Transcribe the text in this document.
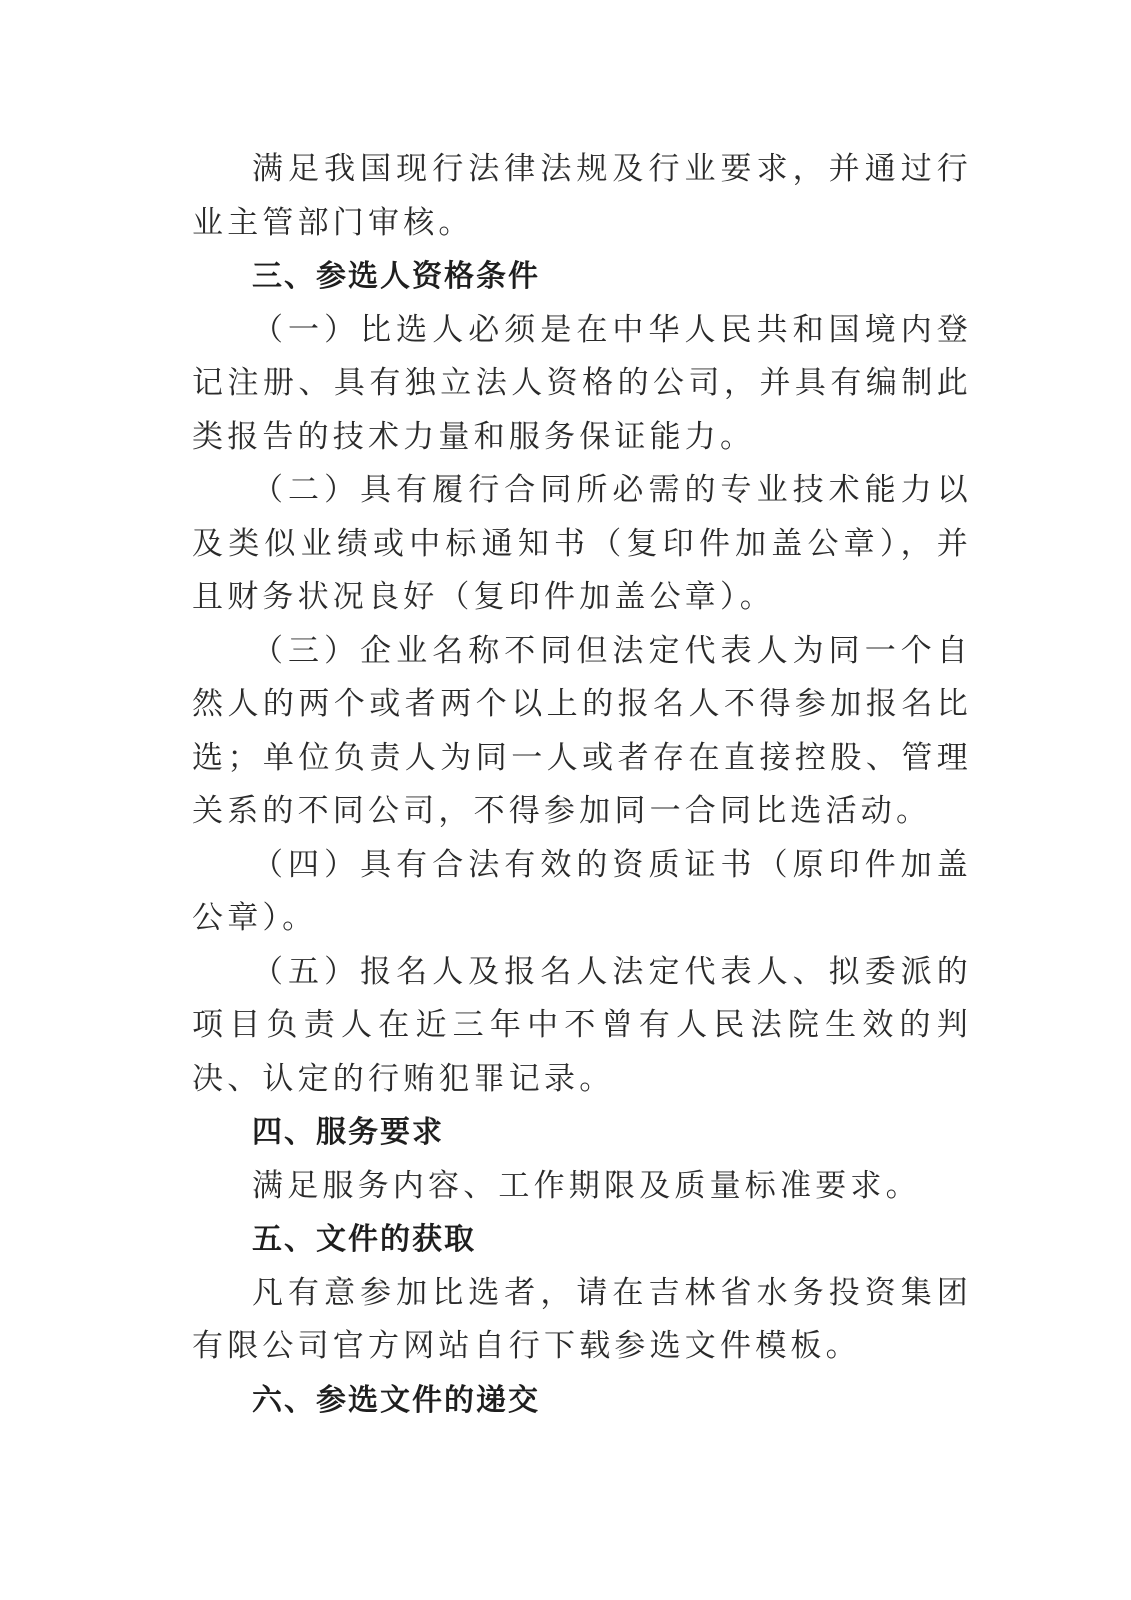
满足我国现行法律法规及行业要求，并通过行业主管部门审核。

三、参选人资格条件

（一）比选人必须是在中华人民共和国境内登记注册、具有独立法人资格的公司，并具有编制此类报告的技术力量和服务保证能力。

（二）具有履行合同所必需的专业技术能力以及类似业绩或中标通知书（复印件加盖公章），并且财务状况良好（复印件加盖公章）。

（三）企业名称不同但法定代表人为同一个自然人的两个或者两个以上的报名人不得参加报名比选；单位负责人为同一人或者存在直接控股、管理关系的不同公司，不得参加同一合同比选活动。

（四）具有合法有效的资质证书（原印件加盖公章）。

（五）报名人及报名人法定代表人、拟委派的项目负责人在近三年中不曾有人民法院生效的判决、认定的行贿犯罪记录。

四、服务要求

满足服务内容、工作期限及质量标准要求。

五、文件的获取

凡有意参加比选者，请在吉林省水务投资集团有限公司官方网站自行下载参选文件模板。

六、参选文件的递交
